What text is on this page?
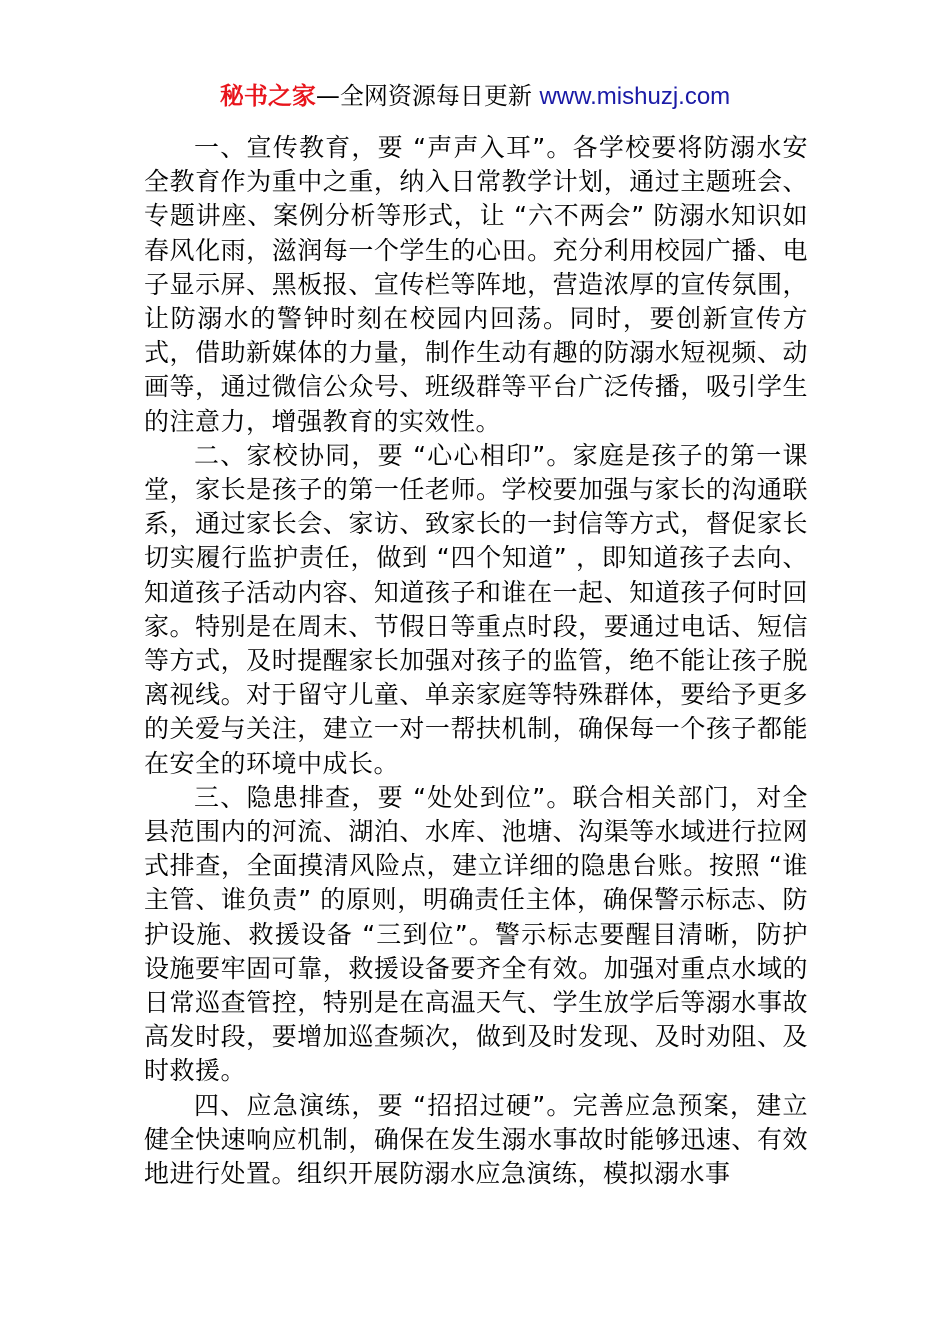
秘书之家—全网资源每日更新 www.mishuzj.com

一、宣传教育，要 “声声入耳”。各学校要将防溺水安全教育作为重中之重，纳入日常教学计划，通过主题班会、专题讲座、案例分析等形式，让 “六不两会” 防溺水知识如春风化雨，滋润每一个学生的心田。充分利用校园广播、电子显示屏、黑板报、宣传栏等阵地，营造浓厚的宣传氛围，让防溺水的警钟时刻在校园内回荡。同时，要创新宣传方式，借助新媒体的力量，制作生动有趣的防溺水短视频、动画等，通过微信公众号、班级群等平台广泛传播，吸引学生的注意力，增强教育的实效性。

二、家校协同，要 “心心相印”。家庭是孩子的第一课堂，家长是孩子的第一任老师。学校要加强与家长的沟通联系，通过家长会、家访、致家长的一封信等方式，督促家长切实履行监护责任，做到 “四个知道” ，即知道孩子去向、知道孩子活动内容、知道孩子和谁在一起、知道孩子何时回家。特别是在周末、节假日等重点时段，要通过电话、短信等方式，及时提醒家长加强对孩子的监管，绝不能让孩子脱离视线。对于留守儿童、单亲家庭等特殊群体，要给予更多的关爱与关注，建立一对一帮扶机制，确保每一个孩子都能在安全的环境中成长。

三、隐患排查，要 “处处到位”。联合相关部门，对全县范围内的河流、湖泊、水库、池塘、沟渠等水域进行拉网式排查，全面摸清风险点，建立详细的隐患台账。按照 “谁主管、谁负责” 的原则，明确责任主体，确保警示标志、防护设施、救援设备 “三到位”。警示标志要醒目清晰，防护设施要牢固可靠，救援设备要齐全有效。加强对重点水域的日常巡查管控，特别是在高温天气、学生放学后等溺水事故高发时段，要增加巡查频次，做到及时发现、及时劝阻、及时救援。

四、应急演练，要 “招招过硬”。完善应急预案，建立健全快速响应机制，确保在发生溺水事故时能够迅速、有效地进行处置。组织开展防溺水应急演练，模拟溺水事
